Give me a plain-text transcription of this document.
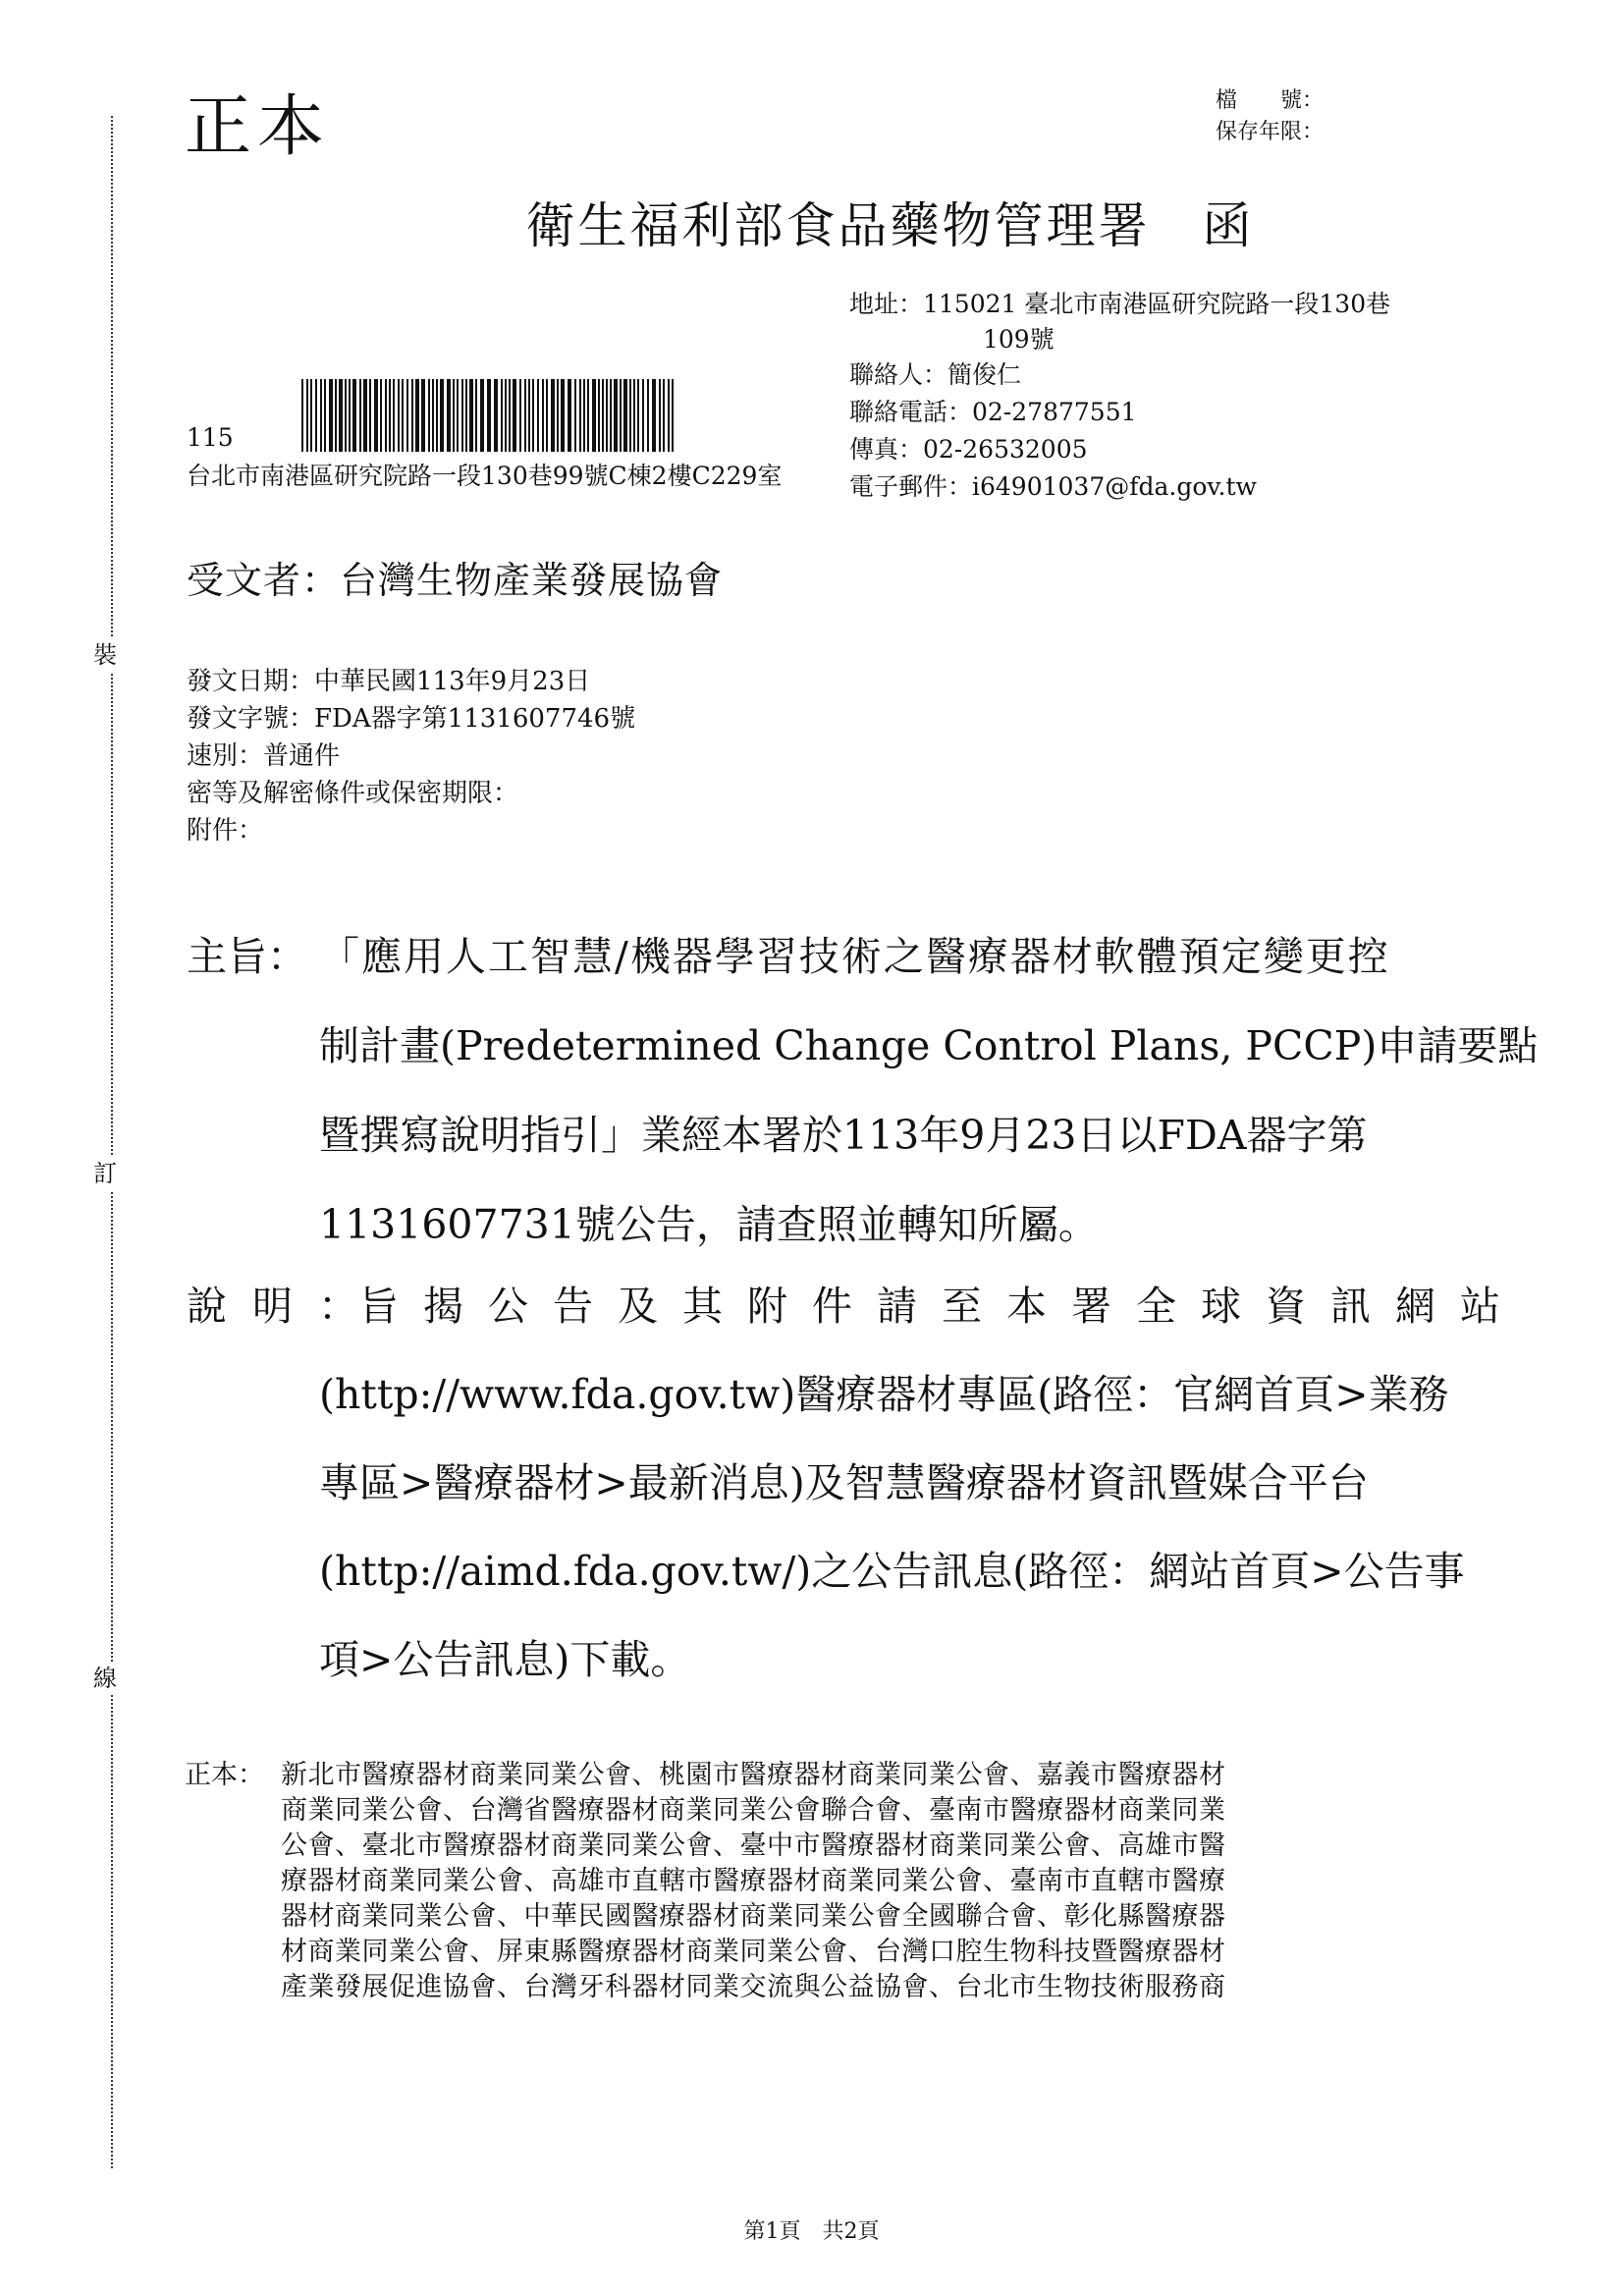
裝
訂
線
正本	檔　　號：
保存年限：
衛生福利部食品藥物管理署　函
地址：115021 臺北市南港區研究院路一段130巷
109號
聯絡人：簡俊仁
聯絡電話：02-27877551
傳真：02-26532005
電子郵件：i64901037@fda.gov.tw
115
台北市南港區研究院路一段130巷99號C棟2樓C229室
受文者：台灣生物產業發展協會
發文日期：中華民國113年9月23日
發文字號：FDA器字第1131607746號
速別：普通件
密等及解密條件或保密期限：
附件：
主旨： 「應用人工智慧/機器學習技術之醫療器材軟體預定變更控
制計畫(Predetermined Change Control Plans, PCCP)申請要點
暨撰寫說明指引」業經本署於113年9月23日以FDA器字第
1131607731號公告，請查照並轉知所屬。
說明：
旨揭公告及其附件請至本署全球資訊網站
(http://www.fda.gov.tw)醫療器材專區(路徑：官網首頁>業務
專區>醫療器材>最新消息)及智慧醫療器材資訊暨媒合平台
(http://aimd.fda.gov.tw/)之公告訊息(路徑：網站首頁>公告事
項>公告訊息)下載。
正本： 新北市醫療器材商業同業公會、桃園市醫療器材商業同業公會、嘉義市醫療器材
商業同業公會、台灣省醫療器材商業同業公會聯合會、臺南市醫療器材商業同業
公會、臺北市醫療器材商業同業公會、臺中市醫療器材商業同業公會、高雄市醫
療器材商業同業公會、高雄市直轄市醫療器材商業同業公會、臺南市直轄市醫療
器材商業同業公會、中華民國醫療器材商業同業公會全國聯合會、彰化縣醫療器
材商業同業公會、屏東縣醫療器材商業同業公會、台灣口腔生物科技暨醫療器材
產業發展促進協會、台灣牙科器材同業交流與公益協會、台北市生物技術服務商
第1頁　共2頁
